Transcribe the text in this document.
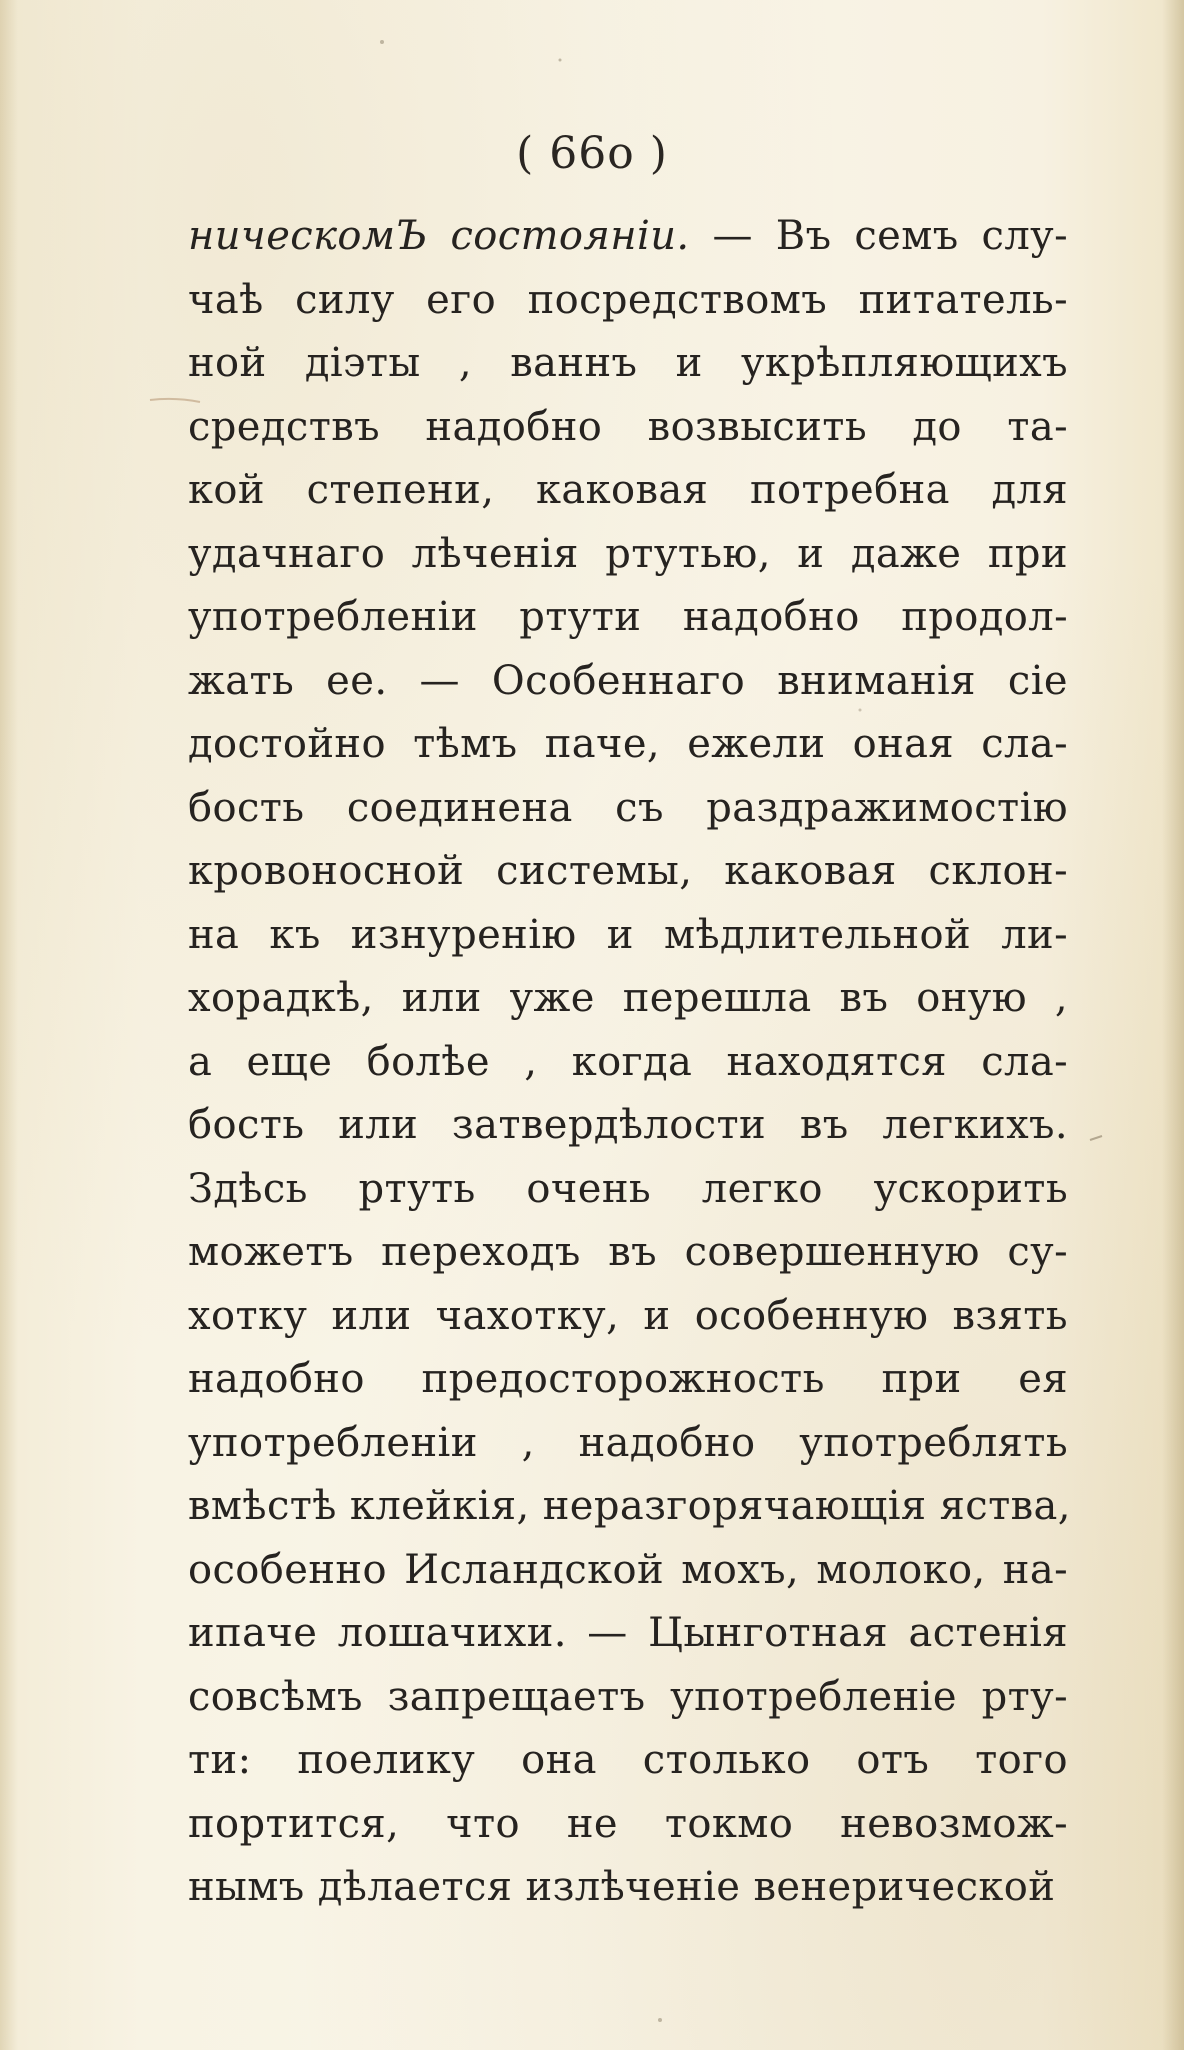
( 66о )
ническомЪ состоянiи. — Въ семъ слу-
чаѣ силу его посредствомъ питатель-
ной дiэты , ваннъ и укрѣпляющихъ
средствъ надобно возвысить до та-
кой степени, каковая потребна для
удачнаго лѣченiя ртутью, и даже при
употребленiи ртути надобно продол-
жать ее. — Особеннаго вниманiя сiе
достойно тѣмъ паче, ежели оная сла-
бость соединена съ раздражимостiю
кровоносной системы, каковая склон-
на къ изнуренiю и мѣдлительной ли-
хорадкѣ, или уже перешла въ оную ,
а еще болѣе , когда находятся сла-
бость или затвердѣлости въ легкихъ.
Здѣсь ртуть очень легко ускорить
можетъ переходъ въ совершенную су-
хотку или чахотку, и особенную взять
надобно предосторожность при ея
употребленiи , надобно употреблять
вмѣстѣ клейкiя, неразгорячающiя яства,
особенно Исландской мохъ, молоко, на-
ипаче лошачихи. — Цынготная астенiя
совсѣмъ запрещаетъ употребленiе рту-
ти: поелику она столько отъ того
портится, что не токмо невозмож-
нымъ дѣлается излѣченiе венерической
